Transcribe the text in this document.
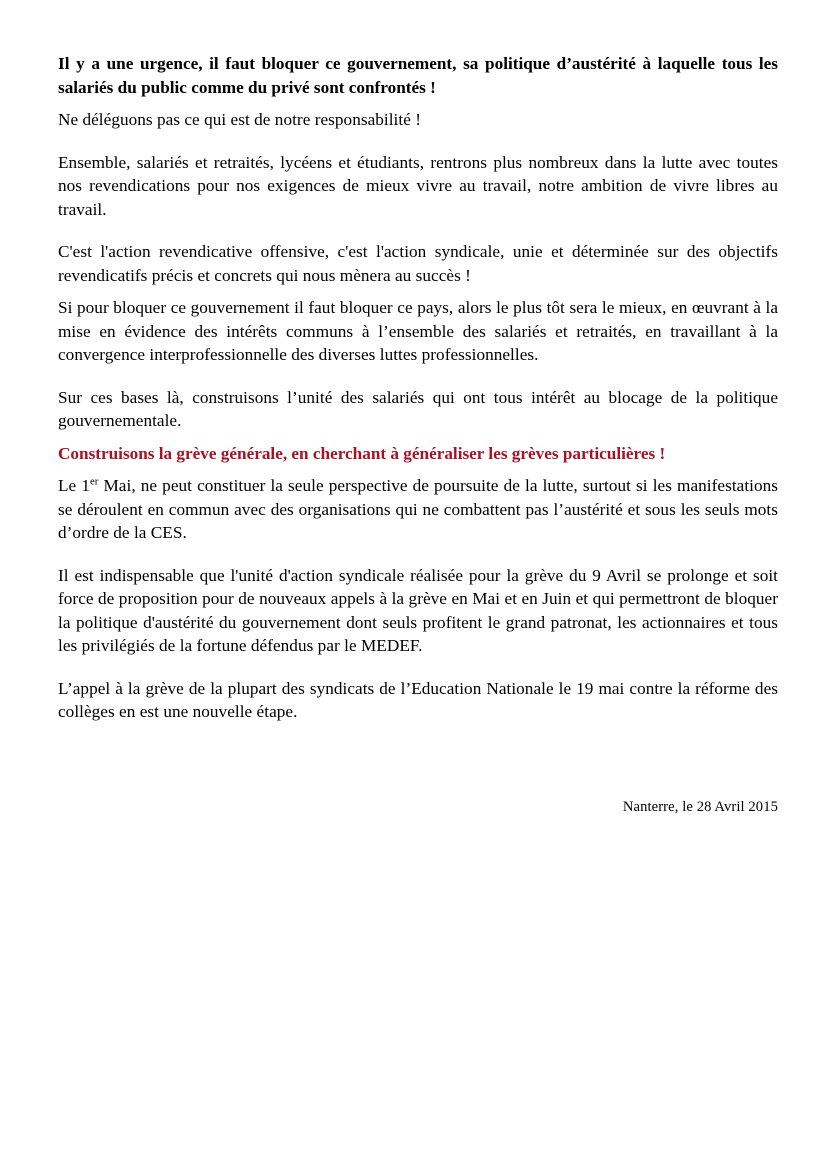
Il y a une urgence, il faut bloquer ce gouvernement, sa politique d’austérité à laquelle tous les salariés du public comme du privé sont confrontés !

Ne déléguons pas ce qui est de notre responsabilité !

Ensemble, salariés et retraités, lycéens et étudiants, rentrons plus nombreux dans la lutte avec toutes nos revendications pour nos exigences de mieux vivre au travail, notre ambition de vivre libres au travail.

C'est l'action revendicative offensive, c'est l'action syndicale, unie et déterminée sur des objectifs revendicatifs précis et concrets qui nous mènera au succès !

Si pour bloquer ce gouvernement il faut bloquer ce pays, alors le plus tôt sera le mieux, en œuvrant à la mise en évidence des intérêts communs à l’ensemble des salariés et retraités, en travaillant à la convergence interprofessionnelle des diverses luttes professionnelles.

Sur ces bases là, construisons l’unité des salariés qui ont tous intérêt au blocage de la politique gouvernementale.

Construisons la grève générale, en cherchant à généraliser les grèves particulières !

Le 1er Mai, ne peut constituer la seule perspective de poursuite de la lutte, surtout si les manifestations se déroulent en commun avec des organisations qui ne combattent pas l’austérité et sous les seuls mots d’ordre de la CES.

Il est indispensable que l'unité d'action syndicale réalisée pour la grève du 9 Avril se prolonge et soit force de proposition pour de nouveaux appels à la grève en Mai et en Juin et qui permettront de bloquer la politique d'austérité du gouvernement dont seuls profitent le grand patronat, les actionnaires et tous les privilégiés de la fortune défendus par le MEDEF.

L’appel à la grève de la plupart des syndicats de l’Education Nationale le 19 mai contre la réforme des collèges en est une nouvelle étape.

Nanterre, le 28 Avril 2015
